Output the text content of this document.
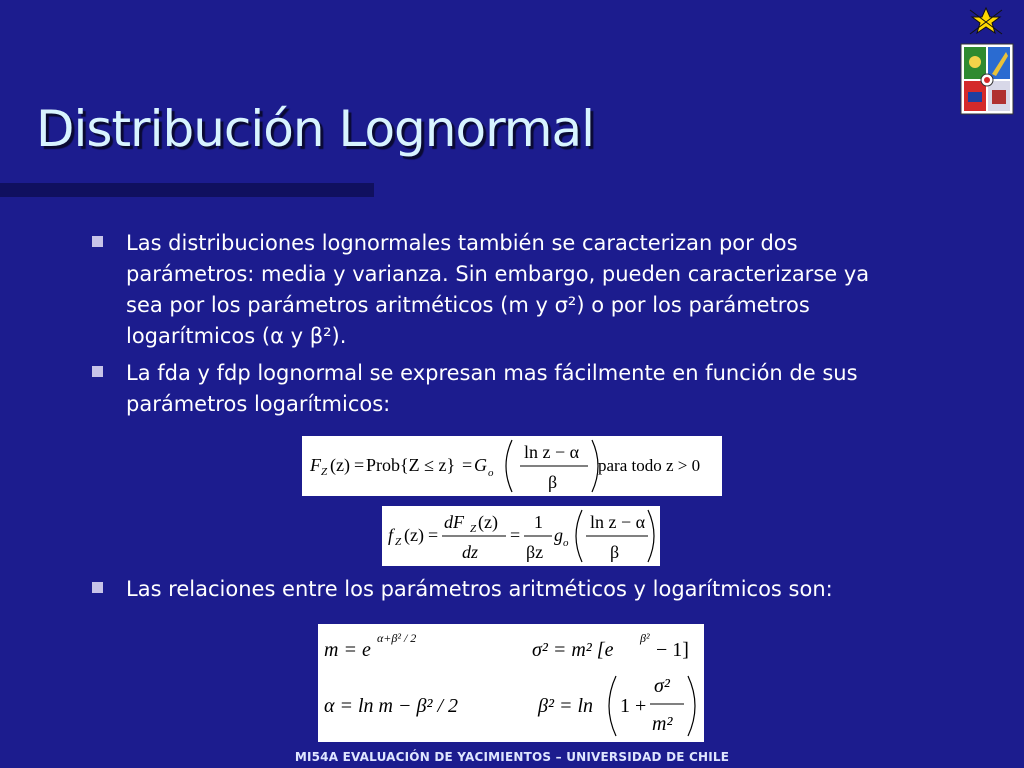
Distribución Lognormal
Las distribuciones lognormales también se caracterizan por dos
parámetros: media y varianza. Sin embargo, pueden caracterizarse ya
sea por los parámetros aritméticos (m y σ²) o por los parámetros
logarítmicos (α y β²).
La fda y fdp lognormal se expresan mas fácilmente en función de sus
parámetros logarítmicos:
F Z (z) = Prob{Z ≤ z} = G o
ln z − α
β
para todo z > 0
f Z (z) =
dF Z (z)
dz
=
1
βz
g o
ln z − α
β
Las relaciones entre los parámetros aritméticos y logarítmicos son:
m = e
α+β² / 2
σ² = m² [e
β²
− 1]
α = ln m − β² / 2	β² = ln 1 +
σ²
m²
MI54A EVALUACIÓN DE YACIMIENTOS – UNIVERSIDAD DE CHILE
